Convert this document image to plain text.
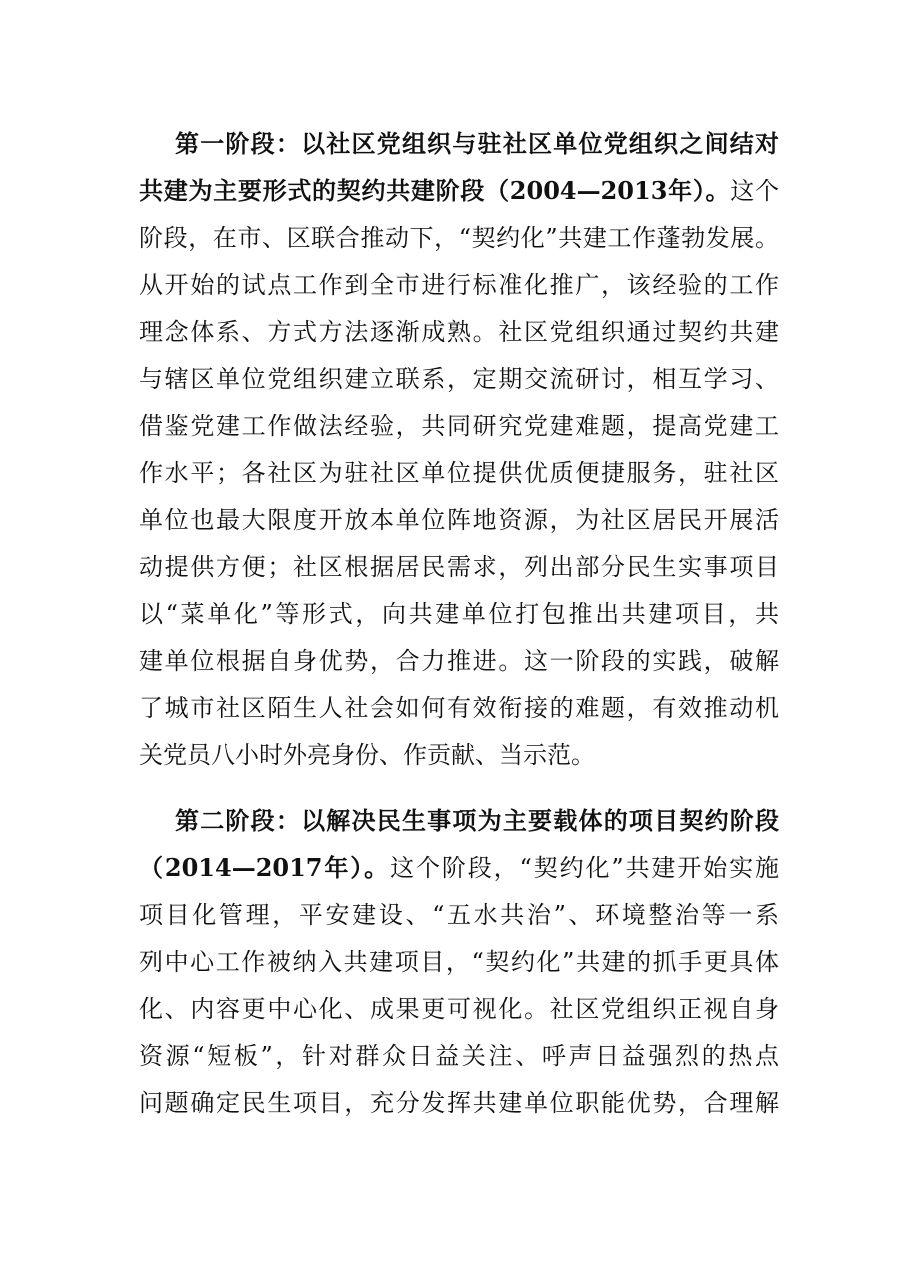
第一阶段：以社区党组织与驻社区单位党组织之间结对
共建为主要形式的契约共建阶段（2004—2013年）。这个
阶段，在市、区联合推动下，“契约化”共建工作蓬勃发展。
从开始的试点工作到全市进行标准化推广，该经验的工作
理念体系、方式方法逐渐成熟。社区党组织通过契约共建
与辖区单位党组织建立联系，定期交流研讨，相互学习、
借鉴党建工作做法经验，共同研究党建难题，提高党建工
作水平；各社区为驻社区单位提供优质便捷服务，驻社区
单位也最大限度开放本单位阵地资源，为社区居民开展活
动提供方便；社区根据居民需求，列出部分民生实事项目
以“菜单化”等形式，向共建单位打包推出共建项目，共
建单位根据自身优势，合力推进。这一阶段的实践，破解
了城市社区陌生人社会如何有效衔接的难题，有效推动机
关党员八小时外亮身份、作贡献、当示范。
第二阶段：以解决民生事项为主要载体的项目契约阶段
（2014—2017年）。这个阶段，“契约化”共建开始实施
项目化管理，平安建设、“五水共治”、环境整治等一系
列中心工作被纳入共建项目，“契约化”共建的抓手更具体
化、内容更中心化、成果更可视化。社区党组织正视自身
资源“短板”，针对群众日益关注、呼声日益强烈的热点
问题确定民生项目，充分发挥共建单位职能优势，合理解
